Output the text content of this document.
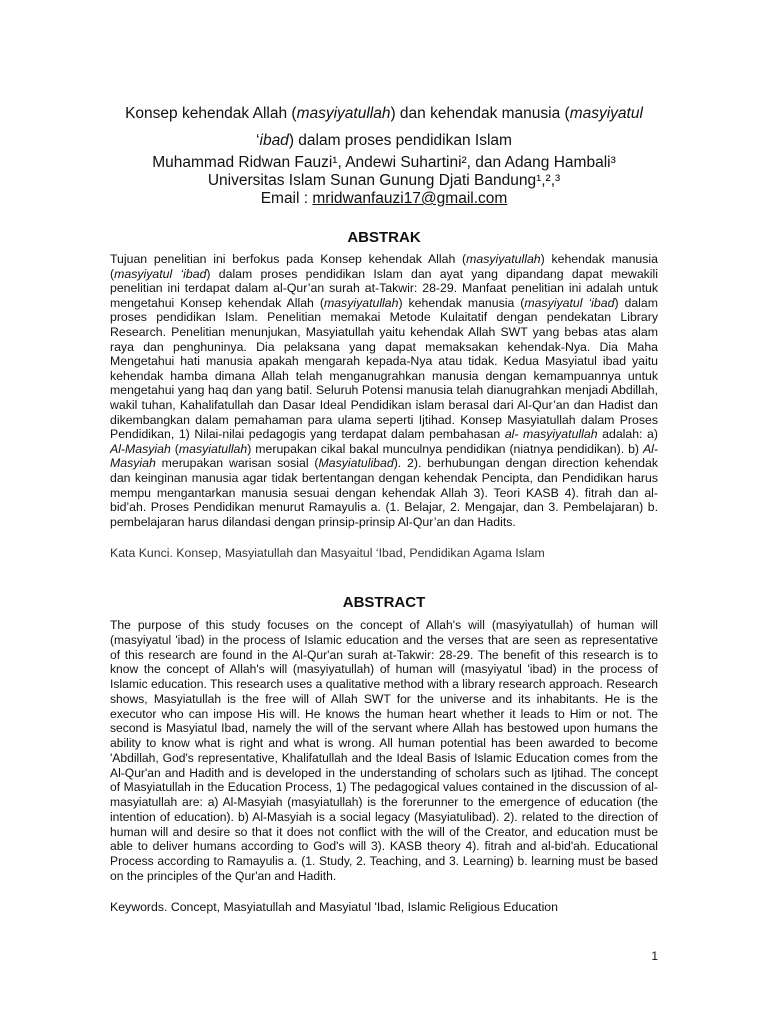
Konsep kehendak Allah (masyiyatullah) dan kehendak manusia (masyiyatul
‘ibad) dalam proses pendidikan Islam
Muhammad Ridwan Fauzi¹, Andewi Suhartini², dan Adang Hambali³
Universitas Islam Sunan Gunung Djati Bandung¹,²,³
Email : mridwanfauzi17@gmail.com
ABSTRAK
Tujuan penelitian ini berfokus pada Konsep kehendak Allah (masyiyatullah) kehendak manusia (masyiyatul ‘ibad) dalam proses pendidikan Islam dan ayat yang dipandang dapat mewakili penelitian ini terdapat dalam al-Qur’an surah at-Takwir: 28-29. Manfaat penelitian ini adalah untuk mengetahui Konsep kehendak Allah (masyiyatullah) kehendak manusia (masyiyatul ‘ibad) dalam proses pendidikan Islam. Penelitian memakai Metode Kulaitatif dengan pendekatan Library Research. Penelitian menunjukan, Masyiatullah yaitu kehendak Allah SWT yang bebas atas alam raya dan penghuninya. Dia pelaksana yang dapat memaksakan kehendak-Nya. Dia Maha Mengetahui hati manusia apakah mengarah kepada-Nya atau tidak. Kedua Masyiatul ibad yaitu kehendak hamba dimana Allah telah menganugrahkan manusia dengan kemampuannya untuk mengetahui yang haq dan yang batil. Seluruh Potensi manusia telah dianugrahkan menjadi Abdillah, wakil tuhan, Kahalifatullah dan Dasar Ideal Pendidikan islam berasal dari Al-Qur’an dan Hadist dan dikembangkan dalam pemahaman para ulama seperti Ijtihad. Konsep Masyiatullah dalam Proses Pendidikan, 1) Nilai-nilai pedagogis yang terdapat dalam pembahasan al- masyiyatullah adalah: a) Al-Masyiah (masyiatullah) merupakan cikal bakal munculnya pendidikan (niatnya pendidikan). b) Al-Masyiah merupakan warisan sosial (Masyiatulibad). 2). berhubungan dengan direction kehendak dan keinginan manusia agar tidak bertentangan dengan kehendak Pencipta, dan Pendidikan harus mempu mengantarkan manusia sesuai dengan kehendak Allah 3). Teori KASB 4). fitrah dan al-bid’ah. Proses Pendidikan menurut Ramayulis a. (1. Belajar, 2. Mengajar, dan 3. Pembelajaran) b. pembelajaran harus dilandasi dengan prinsip-prinsip Al-Qur’an dan Hadits.
Kata Kunci. Konsep, Masyiatullah dan Masyaitul ‘Ibad, Pendidikan Agama Islam
ABSTRACT
The purpose of this study focuses on the concept of Allah's will (masyiyatullah) of human will (masyiyatul 'ibad) in the process of Islamic education and the verses that are seen as representative of this research are found in the Al-Qur'an surah at-Takwir: 28-29. The benefit of this research is to know the concept of Allah's will (masyiyatullah) of human will (masyiyatul 'ibad) in the process of Islamic education. This research uses a qualitative method with a library research approach. Research shows, Masyiatullah is the free will of Allah SWT for the universe and its inhabitants. He is the executor who can impose His will. He knows the human heart whether it leads to Him or not. The second is Masyiatul Ibad, namely the will of the servant where Allah has bestowed upon humans the ability to know what is right and what is wrong. All human potential has been awarded to become 'Abdillah, God's representative, Khalifatullah and the Ideal Basis of Islamic Education comes from the Al-Qur'an and Hadith and is developed in the understanding of scholars such as Ijtihad. The concept of Masyiatullah in the Education Process, 1) The pedagogical values contained in the discussion of al-masyiatullah are: a) Al-Masyiah (masyiatullah) is the forerunner to the emergence of education (the intention of education). b) Al-Masyiah is a social legacy (Masyiatulibad). 2). related to the direction of human will and desire so that it does not conflict with the will of the Creator, and education must be able to deliver humans according to God's will 3). KASB theory 4). fitrah and al-bid'ah. Educational Process according to Ramayulis a. (1. Study, 2. Teaching, and 3. Learning) b. learning must be based on the principles of the Qur'an and Hadith.
Keywords. Concept, Masyiatullah and Masyiatul 'Ibad, Islamic Religious Education
1
